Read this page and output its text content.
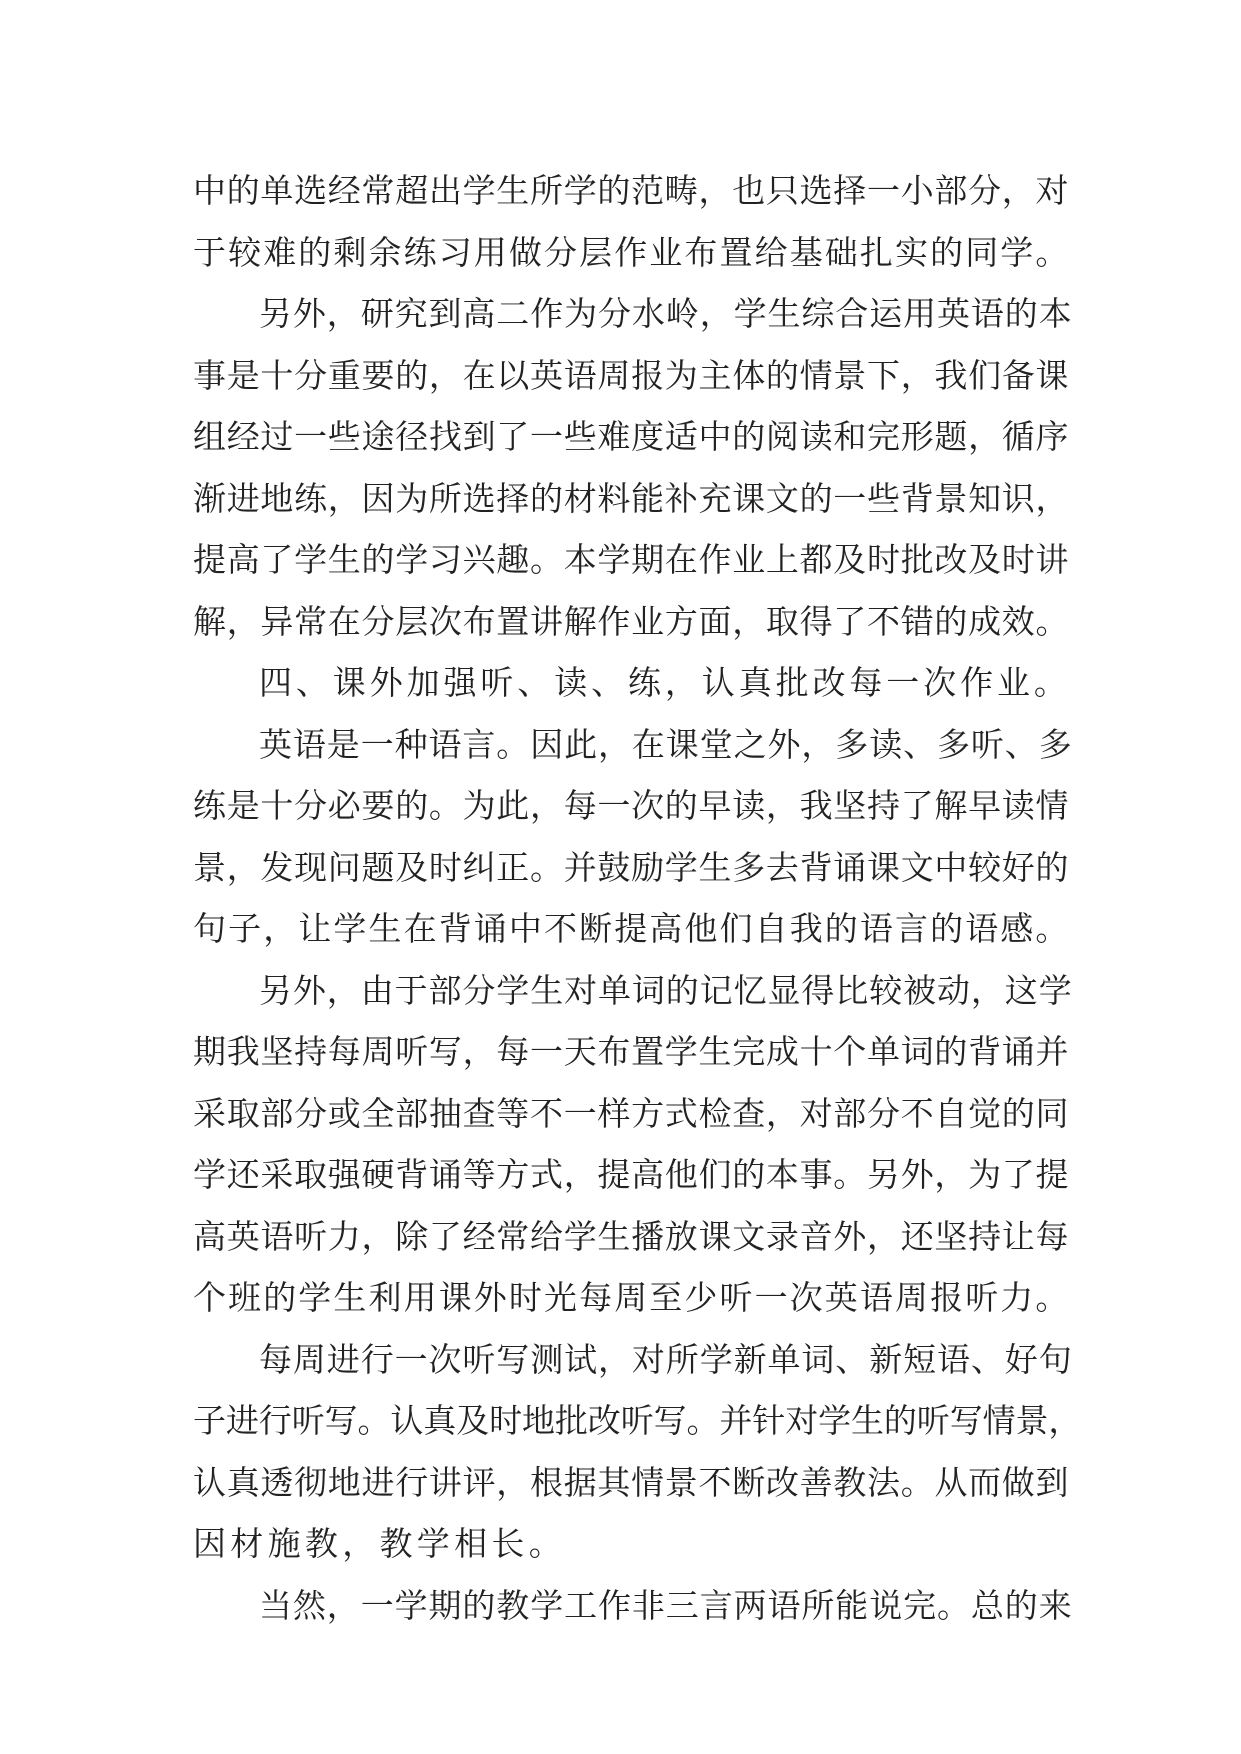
中的单选经常超出学生所学的范畴，也只选择一小部分，对
于较难的剩余练习用做分层作业布置给基础扎实的同学。
另外，研究到高二作为分水岭，学生综合运用英语的本
事是十分重要的，在以英语周报为主体的情景下，我们备课
组经过一些途径找到了一些难度适中的阅读和完形题，循序
渐进地练，因为所选择的材料能补充课文的一些背景知识，
提高了学生的学习兴趣。本学期在作业上都及时批改及时讲
解，异常在分层次布置讲解作业方面，取得了不错的成效。
四、课外加强听、读、练，认真批改每一次作业。
英语是一种语言。因此，在课堂之外，多读、多听、多
练是十分必要的。为此，每一次的早读，我坚持了解早读情
景，发现问题及时纠正。并鼓励学生多去背诵课文中较好的
句子，让学生在背诵中不断提高他们自我的语言的语感。
另外，由于部分学生对单词的记忆显得比较被动，这学
期我坚持每周听写，每一天布置学生完成十个单词的背诵并
采取部分或全部抽查等不一样方式检查，对部分不自觉的同
学还采取强硬背诵等方式，提高他们的本事。另外，为了提
高英语听力，除了经常给学生播放课文录音外，还坚持让每
个班的学生利用课外时光每周至少听一次英语周报听力。
每周进行一次听写测试，对所学新单词、新短语、好句
子进行听写。认真及时地批改听写。并针对学生的听写情景，
认真透彻地进行讲评，根据其情景不断改善教法。从而做到
因材施教，教学相长。
当然，一学期的教学工作非三言两语所能说完。总的来
